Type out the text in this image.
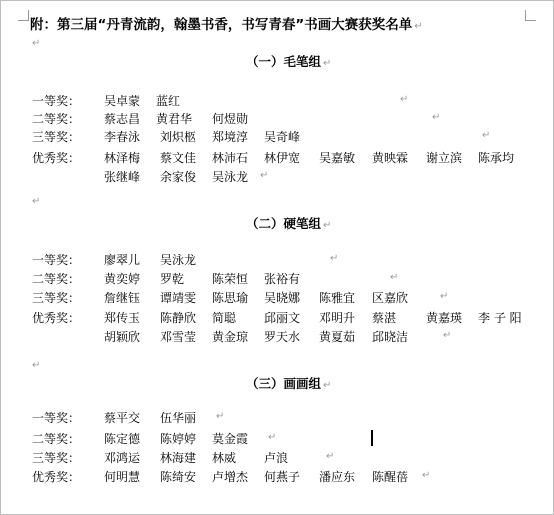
附：第三届“丹青流韵，翰墨书香，书写青春”书画大赛获奖名单 ↵
↵
↵
↵
（一）毛笔组 ↵
一等奖： 吴卓蒙 蓝红	↵
二等奖： 蔡志昌 黄君华 何煜勋	↵
三等奖： 李春泳 刘炽柩 郑境淳 吴奇峰	↵
优秀奖： 林泽梅 蔡文佳 林沛石 林伊宽 吴嘉敏 黄映霖 谢立滨 陈承均
张继峰 余家俊 吴泳龙 ↵
（二）硬笔组 ↵
一等奖： 廖翠儿 吴泳龙	↵
二等奖： 黄奕婷 罗乾 陈荣恒 张裕有	↵
三等奖： 詹继钰 谭靖雯 陈思瑜 吴晓娜 陈雅宜 区嘉欣	↵
优秀奖： 郑传玉 陈静欣 简聪 邱丽文 邓明升 蔡湛 黄嘉瑛 李 子 阳
胡颖欣 邓雪莹 黄金琼 罗天水 黄夏茹 邱晓洁	↵
（三）画画组 ↵
一等奖： 蔡平交 伍华丽 ↵
二等奖： 陈定德 陈婷婷 莫金霞 ↵
三等奖： 邓鸿运 林海建 林威 卢浪	↵
优秀奖： 何明慧 陈绮安 卢增杰 何燕子 潘应东 陈醒蓓 ↵
